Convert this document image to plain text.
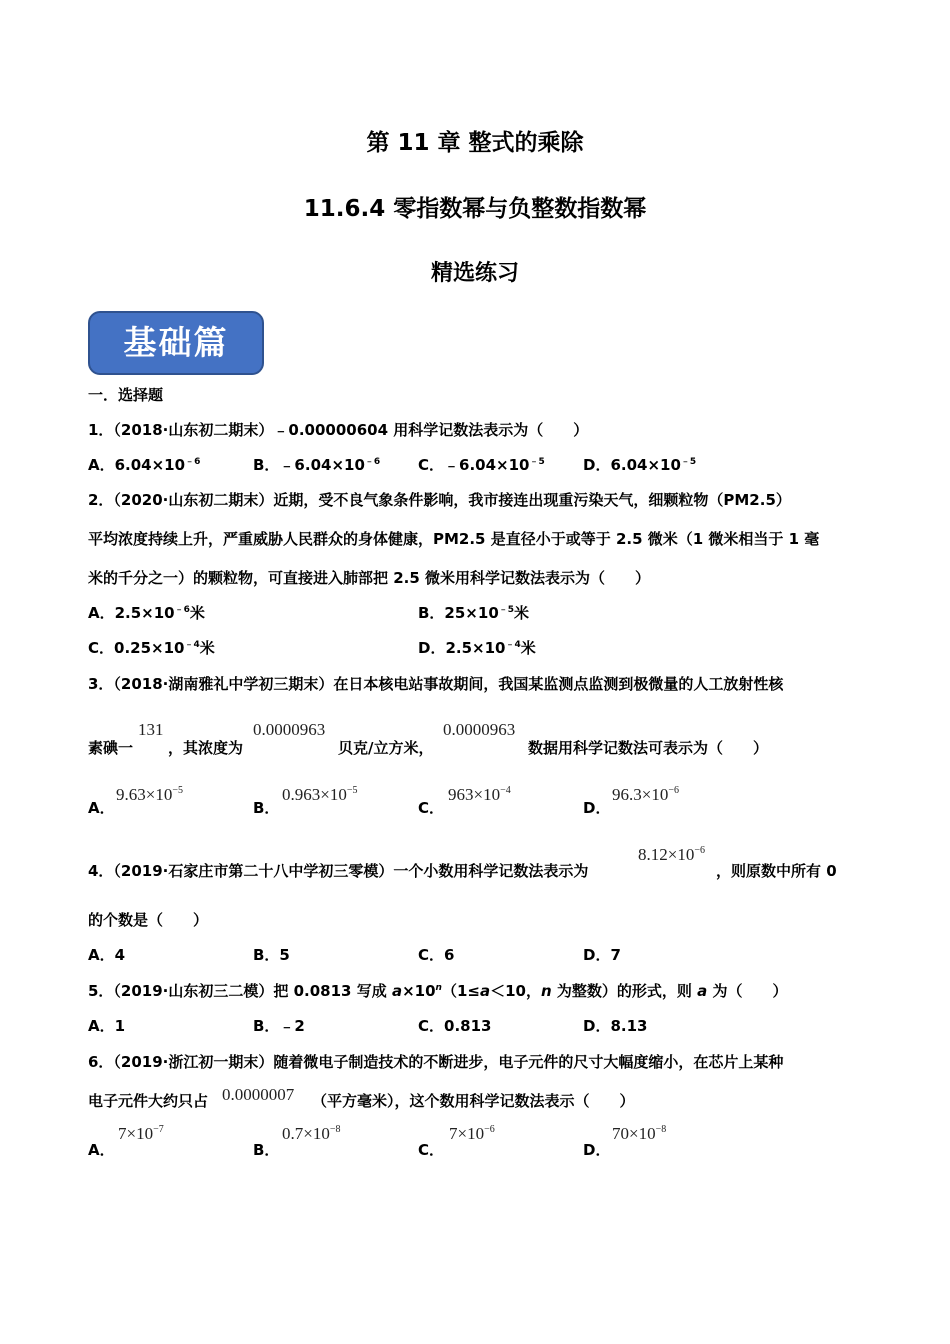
第 11 章 整式的乘除
11.6.4 零指数幂与负整数指数幂
精选练习
基础篇
一．选择题
1．（2018·山东初二期末）﹣0.00000604 用科学记数法表示为（　　）
A．$6.04\times 10^{﹣6}$	B．$﹣6.04\times 10^{﹣6}$	C．$﹣6.04\times 10^{﹣5}$	D．$6.04\times 10^{﹣5}$
2．（2020·山东初二期末）近期，受不良气象条件影响，我市接连出现重污染天气，细颗粒物（PM2.5）
平均浓度持续上升，严重威胁人民群众的身体健康，PM2.5 是直径小于或等于 2.5 微米（1 微米相当于 1 毫
米的千分之一）的颗粒物，可直接进入肺部把 2.5 微米用科学记数法表示为（　　）
A．$2.5\times 10^{﹣6}$米	B．$25\times 10^{﹣5}$米
C．$0.25\times 10^{﹣4}$米	D．$2.5\times 10^{﹣4}$米
3．（2018·湖南雅礼中学初三期末）在日本核电站事故期间，我国某监测点监测到极微量的人工放射性核
素碘一
131
，其浓度为
0.0000963
贝克/立方米，
0.0000963
数据用科学记数法可表示为（　　）
A．
$9.63\times 10^{-5}$
B．
$0.963\times 10^{-5}$
C．
$963\times 10^{-4}$
D．
$96.3\times 10^{-6}$
4．（2019·石家庄市第二十八中学初三零模）一个小数用科学记数法表示为
$8.12\times 10^{-6}$
，则原数中所有 0
的个数是（　　）
A．4	B．5	C．6	D．7
5．（2019·山东初三二模）把 0.0813 写成 $a\times 10^n(1\le a<10$，n 为整数）的形式，则 a 为（　　）
A．1	B．﹣2	C．0.813	D．8.13
6．（2019·浙江初一期末）随着微电子制造技术的不断进步，电子元件的尺寸大幅度缩小，在芯片上某种
电子元件大约只占 0.0000007 （平方毫米），这个数用科学记数法表示（　　）
A．
$7\times 10^{-7}$
B．
$0.7\times 10^{-8}$
C．
$7\times 10^{-6}$
D．
$70\times 10^{-8}$
